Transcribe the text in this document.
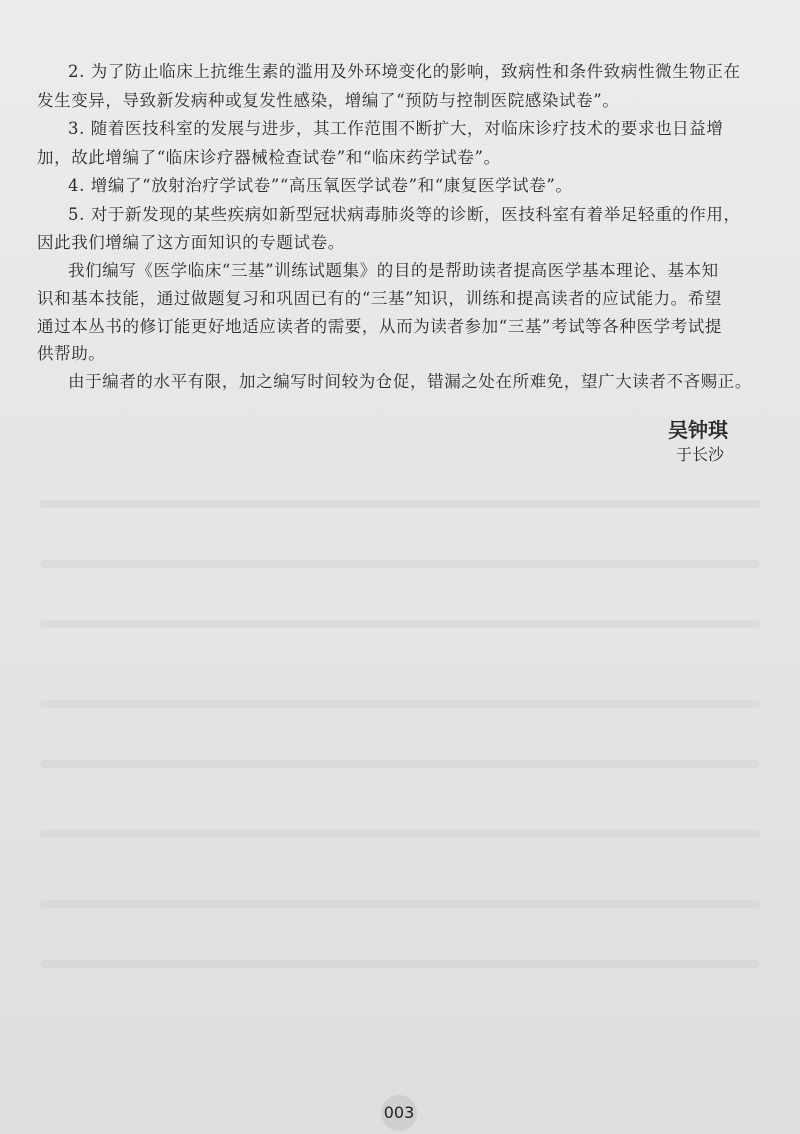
2. 为了防止临床上抗维生素的滥用及外环境变化的影响，致病性和条件致病性微生物正在
发生变异，导致新发病种或复发性感染，增编了“预防与控制医院感染试卷”。
3. 随着医技科室的发展与进步，其工作范围不断扩大，对临床诊疗技术的要求也日益增
加，故此增编了“临床诊疗器械检查试卷”和“临床药学试卷”。
4. 增编了“放射治疗学试卷”“高压氧医学试卷”和“康复医学试卷”。
5. 对于新发现的某些疾病如新型冠状病毒肺炎等的诊断，医技科室有着举足轻重的作用，
因此我们增编了这方面知识的专题试卷。
我们编写《医学临床“三基”训练试题集》的目的是帮助读者提高医学基本理论、基本知
识和基本技能，通过做题复习和巩固已有的“三基”知识，训练和提高读者的应试能力。希望
通过本丛书的修订能更好地适应读者的需要，从而为读者参加“三基”考试等各种医学考试提
供帮助。
由于编者的水平有限，加之编写时间较为仓促，错漏之处在所难免，望广大读者不吝赐正。
吴钟琪
于长沙
003
